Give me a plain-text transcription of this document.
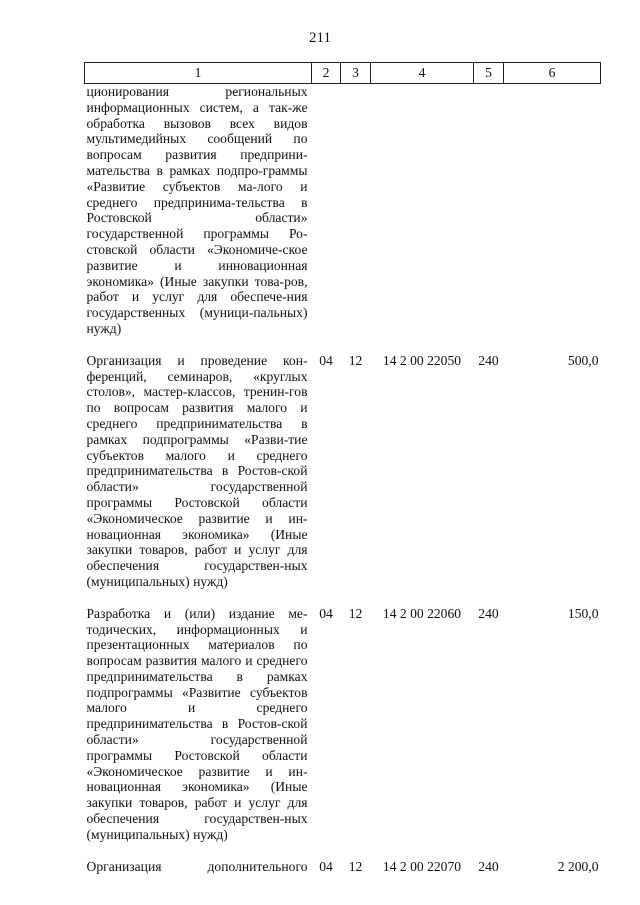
211
1	2	3	4	5	6
ционирования региональных информационных систем, а так-же обработка вызовов всех видов мультимедийных сообщений по вопросам развития предприни-мательства в рамках подпро-граммы «Развитие субъектов ма-лого и среднего предпринима-тельства в Ростовской области» государственной программы Ро-стовской области «Экономиче-ское развитие и инновационная экономика» (Иные закупки това-ров, работ и услуг для обеспече-ния государственных (муници-пальных) нужд)					
Организация и проведение кон-ференций, семинаров, «круглых столов», мастер-классов, тренин-гов по вопросам развития малого и среднего предпринимательства в рамках подпрограммы «Разви-тие субъектов малого и среднего предпринимательства в Ростов-ской области» государственной программы Ростовской области «Экономическое развитие и ин-новационная экономика» (Иные закупки товаров, работ и услуг для обеспечения государствен-ных (муниципальных) нужд)	04	12	14 2 00 22050	240	500,0
Разработка и (или) издание ме-тодических, информационных и презентационных материалов по вопросам развития малого и среднего предпринимательства в рамках подпрограммы «Развитие субъектов малого и среднего предпринимательства в Ростов-ской области» государственной программы Ростовской области «Экономическое развитие и ин-новационная экономика» (Иные закупки товаров, работ и услуг для обеспечения государствен-ных (муниципальных) нужд)	04	12	14 2 00 22060	240	150,0
Организация дополнительного	04	12	14 2 00 22070	240	2 200,0
